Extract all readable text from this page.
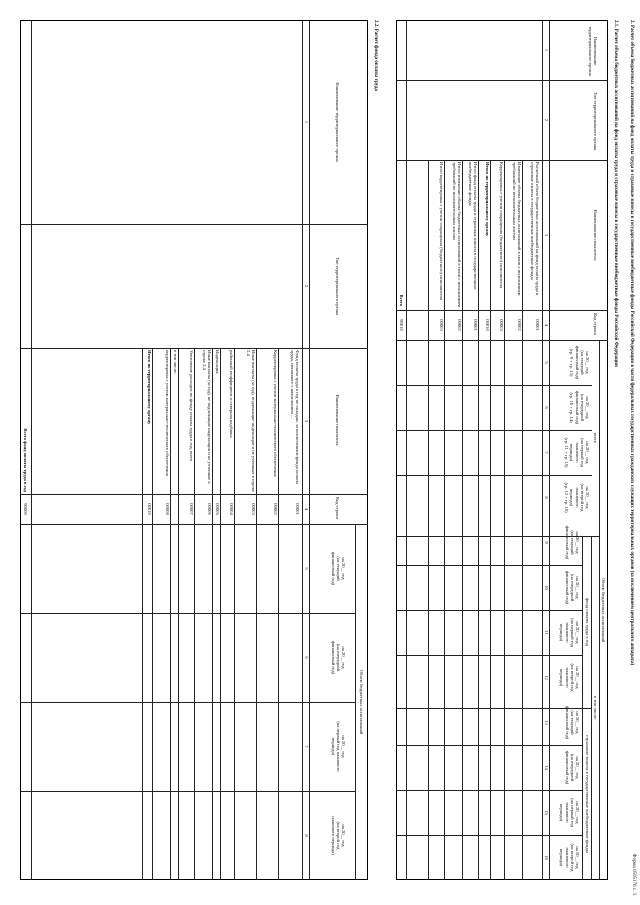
Форма 0505176 с. 3
2. Расчет объема бюджетных ассигнований на фонд оплаты труда и страховые взносы в государственные внебюджетные фонды Российской Федерации в части федеральных государственных гражданских служащих территориальных органов (за исключением центрального аппарата)
2.1. Расчет объема бюджетных ассигнований на фонд оплаты труда и страховые взносы в государственные внебюджетные фонды Российской Федерации
Наименование территориального органа
Тип территориального органа
Наименование показателя
Код строки
Объем бюджетных ассигнований
всего
в том числе:
фонд оплаты труда в год
страховые взносы в государственные внебюджетные фонды
на 20__ год
(на текущий
финансовый год)
(гр. 9 + гр. 13)
на 20__ год
(на очередной
финансовый год)
(гр. 10 + гр. 14)
на 20__ год
(на первый год
планового
периода)
(гр. 11 + гр. 15)
на 20__ год
(на второй год
планового
периода)
(гр. 12 + гр. 16)
на 20__ год
(на текущий
финансовый год)
на 20__ год
(на очередной
финансовый год)
на 20__ год
(на первый год
планового
периода)
на 20__ год
(на второй год
планового
периода)
на 20__ год
(на текущий
финансовый год)
на 20__ год
(на очередной
финансовый год)
на 20__ год
(на первый год
планового
периода)
на 20__ год
(на второй год
планового
периода)
1
2
3
4
5
6
7
8
9
10
11
12
13
14
15
16
Расчетный объем бюджетных ассигнований на фонд оплаты труда и страховые взносы в государственные внебюджетные фонды
00001
Изменение объема бюджетных ассигнований в связи с исполнением требований по исполнительным листам
00002
Корректировка с учетом сокращения (бюджетного) исполнителя
00003
Итого по территориальному органу
00010
Итого фонд оплаты труда и страховые взносы в государственные внебюджетные фонды
00001
Итого изменение объема бюджетных ассигнований в связи с исполнением требований по исполнительным листам
00002
Итого корректировка с учетом сокращения (бюджетного) исполнителя
00003
Всего
90010
2.2. Расчет фонда оплаты труда
Наименование территориального органа
Тип территориального органа
Наименование показателя
Код строки
Объем бюджетных ассигнований
на 20__ год
(на текущий
финансовый год)
на 20__ год
(на очередной
финансовый год)
на 20__ год
(на первый год планового
периода)
на 20__ год
(на второй год
планового периода)
1
2
3
4
5
6
7
8
Фонд оплаты труда в год по окладам, за исключением фонда оплаты труда, связанного с начислением ...
00001
Корректировка с учетом материально-технического обеспечения
00002
Иные выплаты (за год), подлежащие индексации и не учтенные в строке 2.4
00003
районный коэффициент и северная надбавка
00004
Индексация
00005
Иные выплаты (за год), не подлежащие индексации и не учтенные в строке 2.4
00006
Увеличение расходов по фонду оплаты труда в год, всего
00007
в том числе:
корректировка с учетом материально-технического обеспечения
00008
Итого по территориальному органу
00010
Всего фонд оплаты труда в год
90000
